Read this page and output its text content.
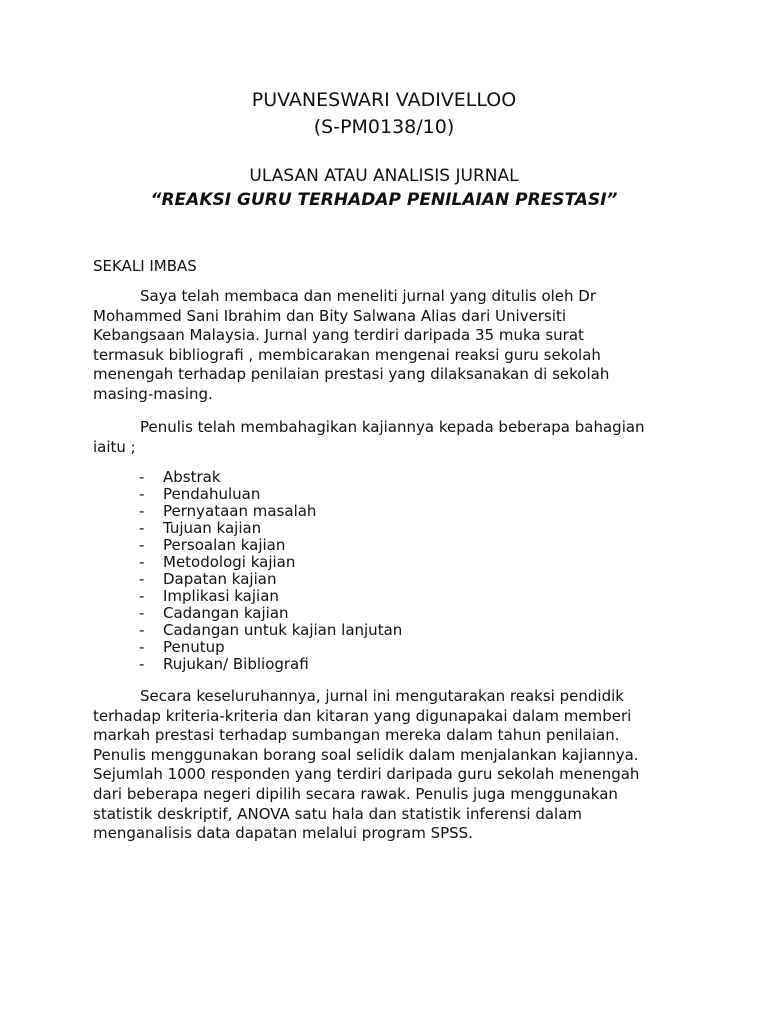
PUVANESWARI VADIVELLOO
(S-PM0138/10)
ULASAN ATAU ANALISIS JURNAL
“REAKSI GURU TERHADAP PENILAIAN PRESTASI”
SEKALI IMBAS
Saya telah membaca dan meneliti jurnal yang ditulis oleh Dr
Mohammed Sani Ibrahim dan Bity Salwana Alias dari Universiti
Kebangsaan Malaysia. Jurnal yang terdiri daripada 35 muka surat
termasuk bibliografi , membicarakan mengenai reaksi guru sekolah
menengah terhadap penilaian prestasi yang dilaksanakan di sekolah
masing-masing.
Penulis telah membahagikan kajiannya kepada beberapa bahagian
iaitu ;
- Abstrak
- Pendahuluan
- Pernyataan masalah
- Tujuan kajian
- Persoalan kajian
- Metodologi kajian
- Dapatan kajian
- Implikasi kajian
- Cadangan kajian
- Cadangan untuk kajian lanjutan
- Penutup
- Rujukan/ Bibliografi
Secara keseluruhannya, jurnal ini mengutarakan reaksi pendidik
terhadap kriteria-kriteria dan kitaran yang digunapakai dalam memberi
markah prestasi terhadap sumbangan mereka dalam tahun penilaian.
Penulis menggunakan borang soal selidik dalam menjalankan kajiannya.
Sejumlah 1000 responden yang terdiri daripada guru sekolah menengah
dari beberapa negeri dipilih secara rawak. Penulis juga menggunakan
statistik deskriptif, ANOVA satu hala dan statistik inferensi dalam
menganalisis data dapatan melalui program SPSS.
